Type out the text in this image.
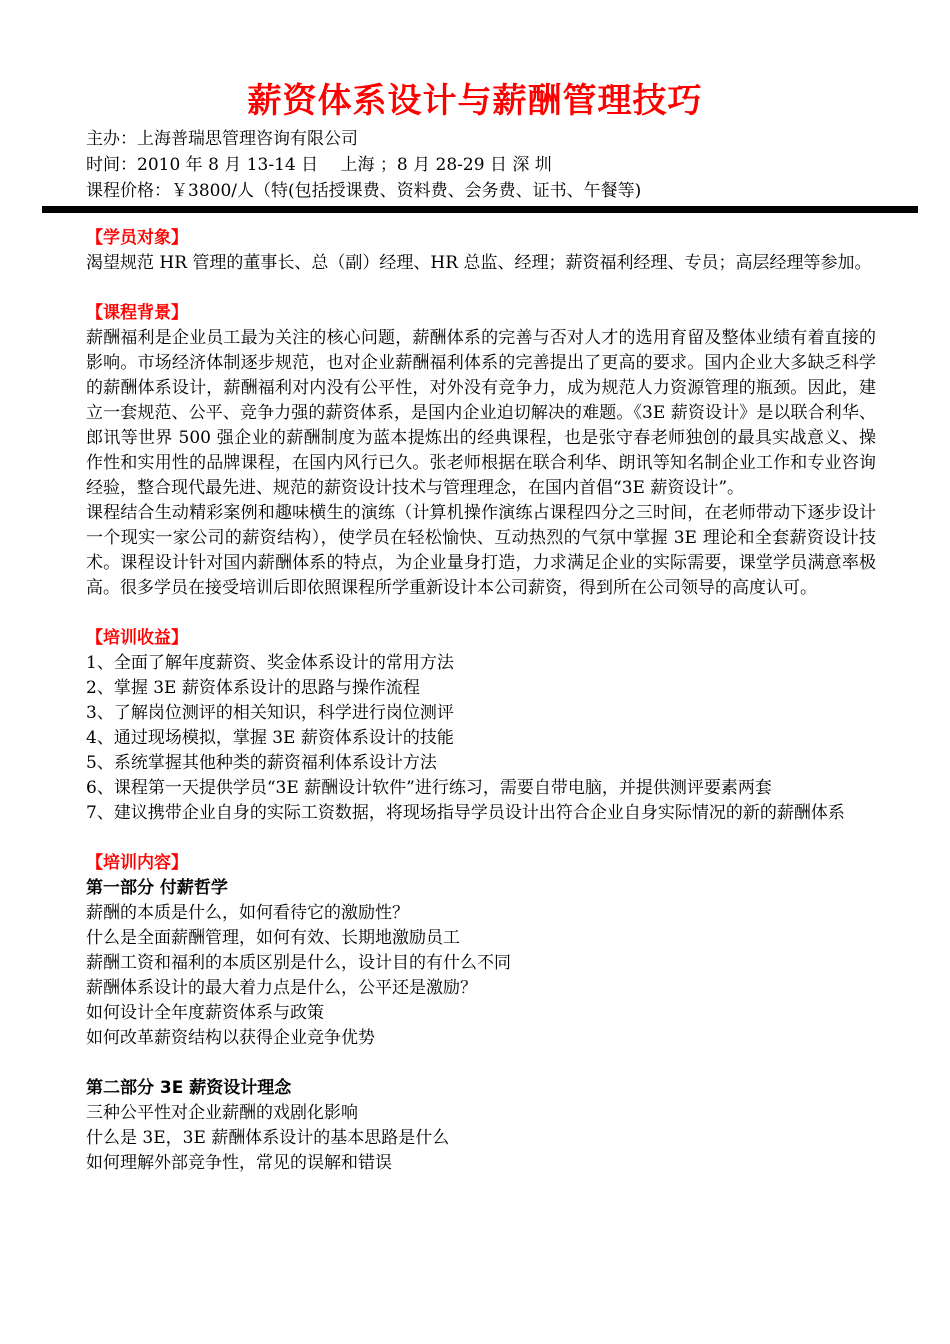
薪资体系设计与薪酬管理技巧
主办：上海普瑞思管理咨询有限公司
时间：2010 年 8 月 13-14 日　 上海 ；8 月 28-29 日 深 圳
课程价格：￥3800/人（特(包括授课费、资料费、会务费、证书、午餐等)
【学员对象】

渴望规范 HR 管理的董事长、总（副）经理、HR 总监、经理；薪资福利经理、专员；高层经理等参加。

【课程背景】

薪酬福利是企业员工最为关注的核心问题，薪酬体系的完善与否对人才的选用育留及整体业绩有着直接的影响。市场经济体制逐步规范，也对企业薪酬福利体系的完善提出了更高的要求。国内企业大多缺乏科学的薪酬体系设计，薪酬福利对内没有公平性，对外没有竞争力，成为规范人力资源管理的瓶颈。因此，建立一套规范、公平、竞争力强的薪资体系，是国内企业迫切解决的难题。《3E 薪资设计》是以联合利华、郎讯等世界 500 强企业的薪酬制度为蓝本提炼出的经典课程，也是张守春老师独创的最具实战意义、操作性和实用性的品牌课程，在国内风行已久。张老师根据在联合利华、朗讯等知名制企业工作和专业咨询经验，整合现代最先进、规范的薪资设计技术与管理理念，在国内首倡“3E 薪资设计”。

课程结合生动精彩案例和趣味横生的演练（计算机操作演练占课程四分之三时间，在老师带动下逐步设计一个现实一家公司的薪资结构），使学员在轻松愉快、互动热烈的气氛中掌握 3E 理论和全套薪资设计技术。课程设计针对国内薪酬体系的特点，为企业量身打造，力求满足企业的实际需要，课堂学员满意率极高。很多学员在接受培训后即依照课程所学重新设计本公司薪资，得到所在公司领导的高度认可。

【培训收益】
1、全面了解年度薪资、奖金体系设计的常用方法
2、掌握 3E 薪资体系设计的思路与操作流程
3、了解岗位测评的相关知识，科学进行岗位测评
4、通过现场模拟，掌握 3E 薪资体系设计的技能
5、系统掌握其他种类的薪资福利体系设计方法
6、课程第一天提供学员“3E 薪酬设计软件”进行练习，需要自带电脑，并提供测评要素两套
7、建议携带企业自身的实际工资数据，将现场指导学员设计出符合企业自身实际情况的新的薪酬体系
【培训内容】
第一部分 付薪哲学
薪酬的本质是什么，如何看待它的激励性？
什么是全面薪酬管理，如何有效、长期地激励员工
薪酬工资和福利的本质区别是什么，设计目的有什么不同
薪酬体系设计的最大着力点是什么，公平还是激励？
如何设计全年度薪资体系与政策
如何改革薪资结构以获得企业竞争优势
第二部分 3E 薪资设计理念
三种公平性对企业薪酬的戏剧化影响
什么是 3E，3E 薪酬体系设计的基本思路是什么
如何理解外部竞争性，常见的误解和错误
